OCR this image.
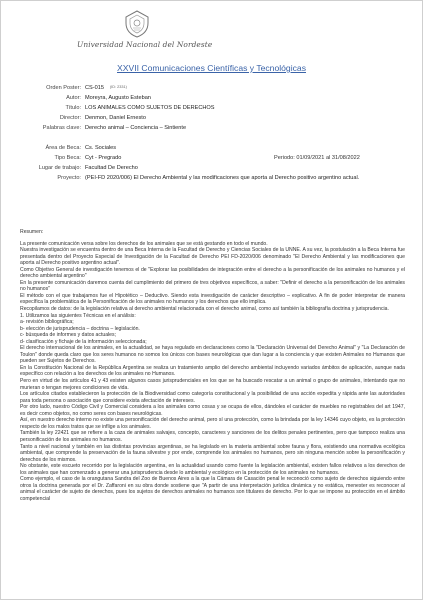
Universidad Nacional del Nordeste
XXVII Comunicaciones Científicas y Tecnológicas
Orden Poster: CS-015 $^{(ID: 2331)}$
Autor: Moreyra, Augusto Esteban
Título: LOS ANIMALES COMO SUJETOS DE DERECHOS
Director: Denmon, Daniel Ernesto
Palabras clave: Derecho animal – Conciencia – Sintiente
Área de Beca: Cs. Sociales
Tipo Beca: Cyt - Pregrado	Periodo: 01/09/2021 al 31/08/2022
Lugar de trabajo: Facultad De Derecho
Proyecto: (PEI-FD 2020/006) El Derecho Ambiental y las modificaciones que aporta al Derecho positivo argentino actual.
Resumen:
La presente comunicación versa sobre los derechos de los animales que se está gestando en todo el mundo.
Nuestra investigación se encuentra dentro de una Beca Interna de la Facultad de Derecho y Ciencias Sociales de la UNNE. A su vez, la postulación a la Beca Interna fue presentada dentro del Proyecto Especial de Investigación de la Facultad de Derecho PEI FD-2020/006 denominado "El Derecho Ambiental y las modificaciones que aporta al Derecho positivo argentino actual".
Como Objetivo General de investigación tenemos el de "Explorar las posibilidades de integración entre el derecho a la personificación de los animales no humanos y el derecho ambiental argentino"
En la presente comunicación daremos cuenta del cumplimiento del primero de tres objetivos específicos, a saber: "Definir el derecho a la personificación de los animales no humanos"
El método con el que trabajamos fue el Hipotético – Deductivo. Siendo esta investigación de carácter descriptivo – explicativo. A fin de poder interpretar de manera específica la problemática de la Personificación de los animales no humanos y los derechos que ello implica.
Recopilamos de datos: de la legislación relativa al derecho ambiental relacionada con el derecho animal, como así también la bibliografía doctrina y jurisprudencia.
1. Utilizamos las siguientes Técnicas en el análisis:
a- revisión bibliográfica;
b- elección de jurisprudencia – doctrina – legislación.
c- búsqueda de informes y datos actuales;
d- clasificación y fichaje de la información seleccionada;
El derecho internacional de los animales, en la actualidad, se haya regulado en declaraciones como la "Declaración Universal del Derecho Animal" y "La Declaración de Toulon" donde queda claro que los seres humanos no somos los únicos con bases neurológicas que dan lugar a la conciencia y que existen Animales no Humanos que pueden ser Sujetos de Derechos.
En la Constitución Nacional de la República Argentina se realiza un tratamiento amplio del derecho ambiental incluyendo variados ámbitos de aplicación, aunque nada específico con relación a los derechos de los animales no Humanos.
Pero en virtud de los artículos 41 y 43 existen algunos casos jurisprudenciales en los que se ha buscado rescatar a un animal o grupo de animales, intentando que no murieran o tengan mejores condiciones de vida.
Los artículos citados establecieron la protección de la Biodiversidad como categoría constitucional y la posibilidad de una acción expedita y rápida ante las autoridades para toda persona o asociación que considere exista afectación de intereses.
Por otro lado, nuestro Código Civil y Comercial considera a los animales como cosas y se ocupa de ellos, dándoles el carácter de muebles no registrables del art 1947, es decir como objetos, no como seres con bases neurológicas.
Así, en nuestro derecho interno no existe una personificación del derecho animal, pero sí una protección, como la brindada por la ley 14346 cuyo objeto, es la protección respecto de los malos tratos que se inflige a los animales.
También la ley 22421 que se refiere a la caza de animales salvajes, concepto, caracteres y sanciones de los delitos penales pertinentes, pero que tampoco realiza una personificación de los animales no humanos.
Tanto a nivel nacional y también en las distintas provincias argentinas, se ha legislado en la materia ambiental sobre fauna y flora, existiendo una normativa ecológica ambiental, que comprende la preservación de la fauna silvestre y por ende, comprende los animales no humanos, pero sin ninguna mención sobre la personificación y derechos de los mismos.
No obstante, este escueto recorrido por la legislación argentina, en la actualidad usando como fuente la legislación ambiental, existen fallos relativos a los derechos de los animales que han comenzado a generar una jurisprudencia desde lo ambiental y ecológico en la protección de los animales no humanos.
Como ejemplo, el caso de la orangutana Sandra del Zoo de Buenos Aires a la que la Cámara de Casación penal le reconoció como sujeto de derechos siguiendo entre otros la doctrina generada por el Dr. Zaffaroni en su obra donde sostiene que "A partir de una interpretación jurídica dinámica y no estática, menester es reconocer al animal el carácter de sujeto de derechos, pues los sujetos de derechos animales no humanos son titulares de derecho. Por lo que se impone su protección en el ámbito competencial
